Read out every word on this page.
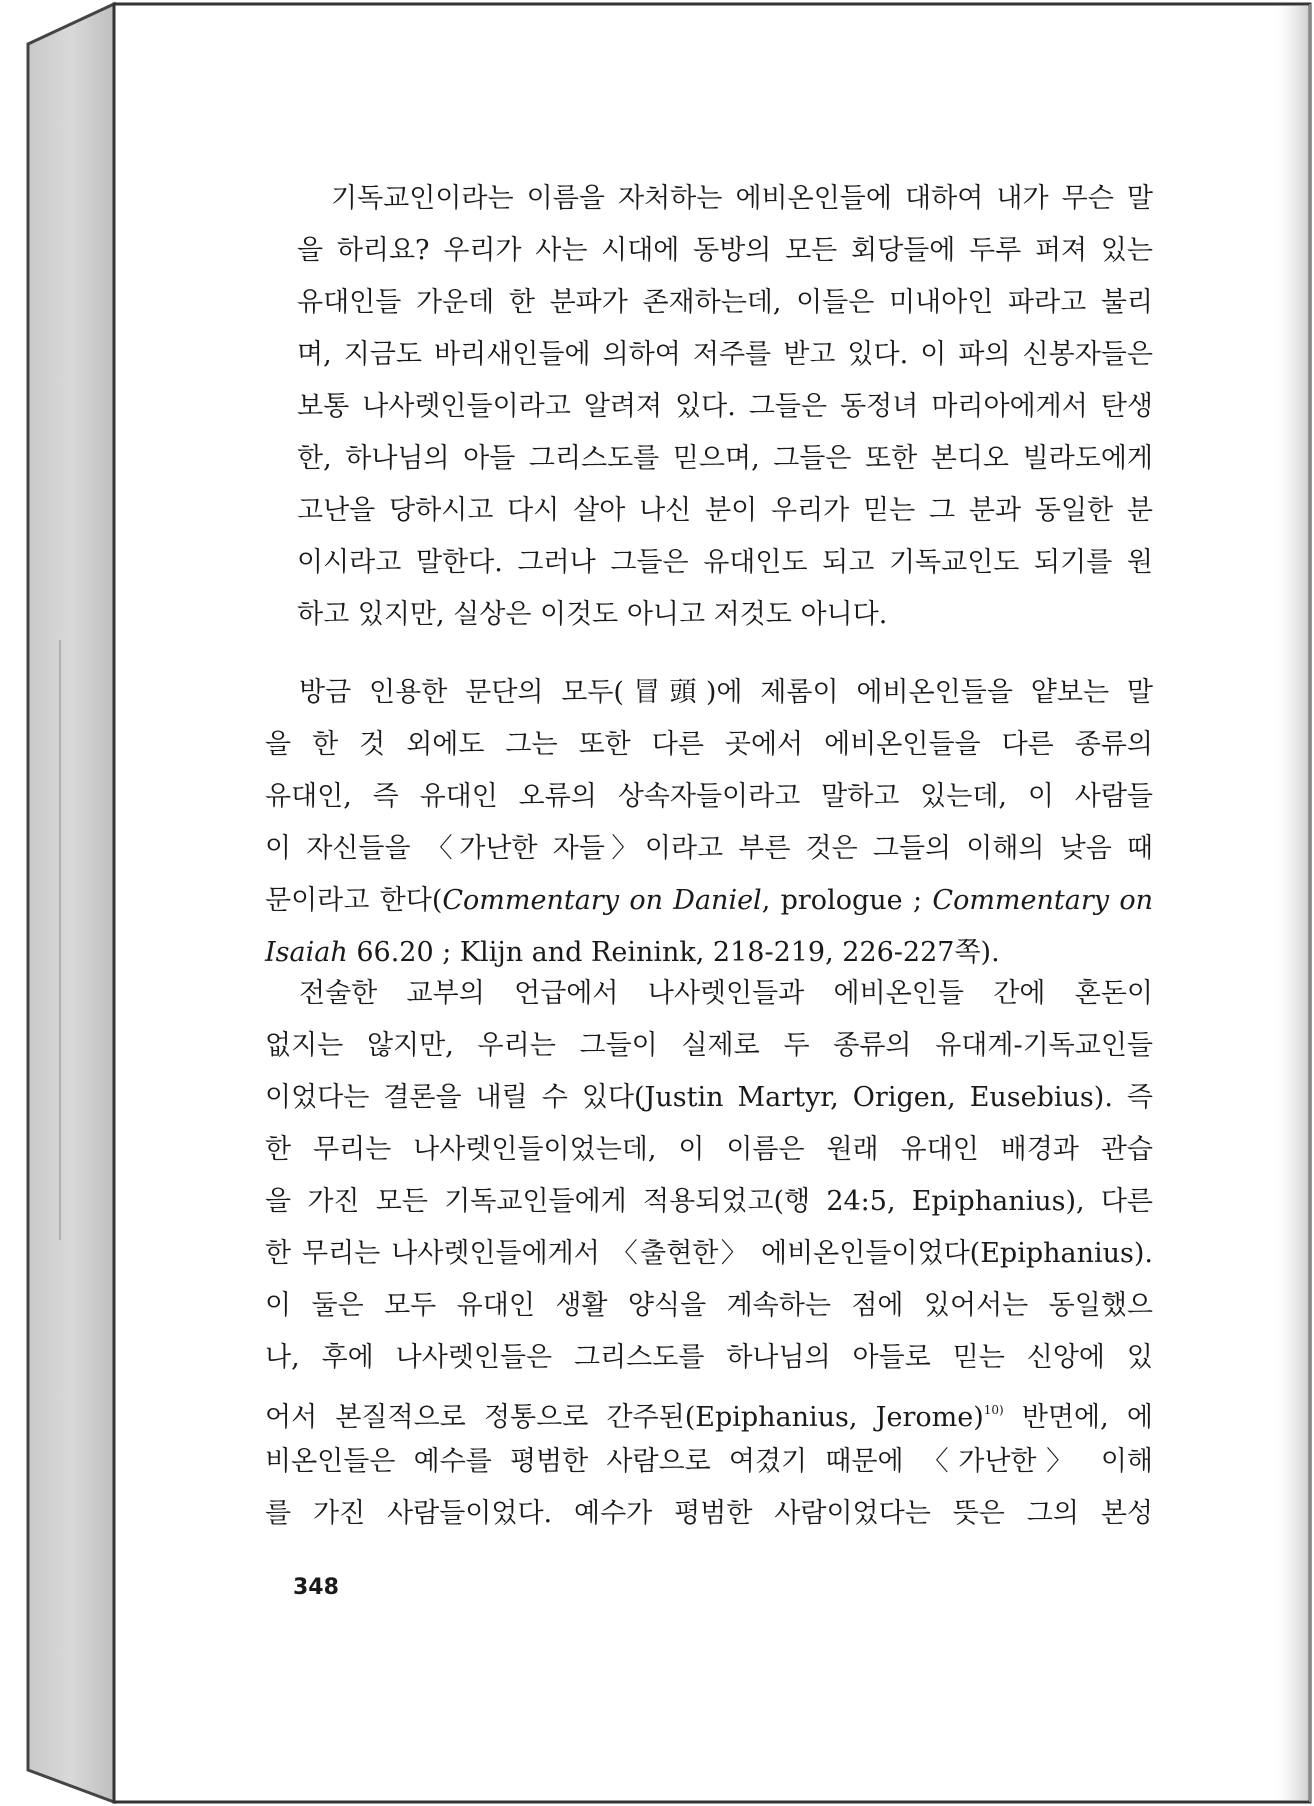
기독교인이라는 이름을 자처하는 에비온인들에 대하여 내가 무슨 말
을 하리요? 우리가 사는 시대에 동방의 모든 회당들에 두루 퍼져 있는
유대인들 가운데 한 분파가 존재하는데, 이들은 미내아인 파라고 불리
며, 지금도 바리새인들에 의하여 저주를 받고 있다. 이 파의 신봉자들은
보통 나사렛인들이라고 알려져 있다. 그들은 동정녀 마리아에게서 탄생
한, 하나님의 아들 그리스도를 믿으며, 그들은 또한 본디오 빌라도에게
고난을 당하시고 다시 살아 나신 분이 우리가 믿는 그 분과 동일한 분
이시라고 말한다. 그러나 그들은 유대인도 되고 기독교인도 되기를 원
하고 있지만, 실상은 이것도 아니고 저것도 아니다.
방금 인용한 문단의 모두(冒頭)에 제롬이 에비온인들을 얕보는 말
을 한 것 외에도 그는 또한 다른 곳에서 에비온인들을 다른 종류의
유대인, 즉 유대인 오류의 상속자들이라고 말하고 있는데, 이 사람들
이 자신들을 〈가난한 자들〉이라고 부른 것은 그들의 이해의 낮음 때
문이라고 한다(Commentary on Daniel, prologue ; Commentary on
Isaiah 66.20 ; Klijn and Reinink, 218-219, 226-227쪽).
전술한 교부의 언급에서 나사렛인들과 에비온인들 간에 혼돈이
없지는 않지만, 우리는 그들이 실제로 두 종류의 유대계-기독교인들
이었다는 결론을 내릴 수 있다(Justin Martyr, Origen, Eusebius). 즉
한 무리는 나사렛인들이었는데, 이 이름은 원래 유대인 배경과 관습
을 가진 모든 기독교인들에게 적용되었고(행 24:5, Epiphanius), 다른
한 무리는 나사렛인들에게서 〈출현한〉 에비온인들이었다(Epiphanius).
이 둘은 모두 유대인 생활 양식을 계속하는 점에 있어서는 동일했으
나, 후에 나사렛인들은 그리스도를 하나님의 아들로 믿는 신앙에 있
어서 본질적으로 정통으로 간주된(Epiphanius, Jerome)$^{10)}$ 반면에, 에
비온인들은 예수를 평범한 사람으로 여겼기 때문에 〈가난한〉 이해
를 가진 사람들이었다. 예수가 평범한 사람이었다는 뜻은 그의 본성
348
